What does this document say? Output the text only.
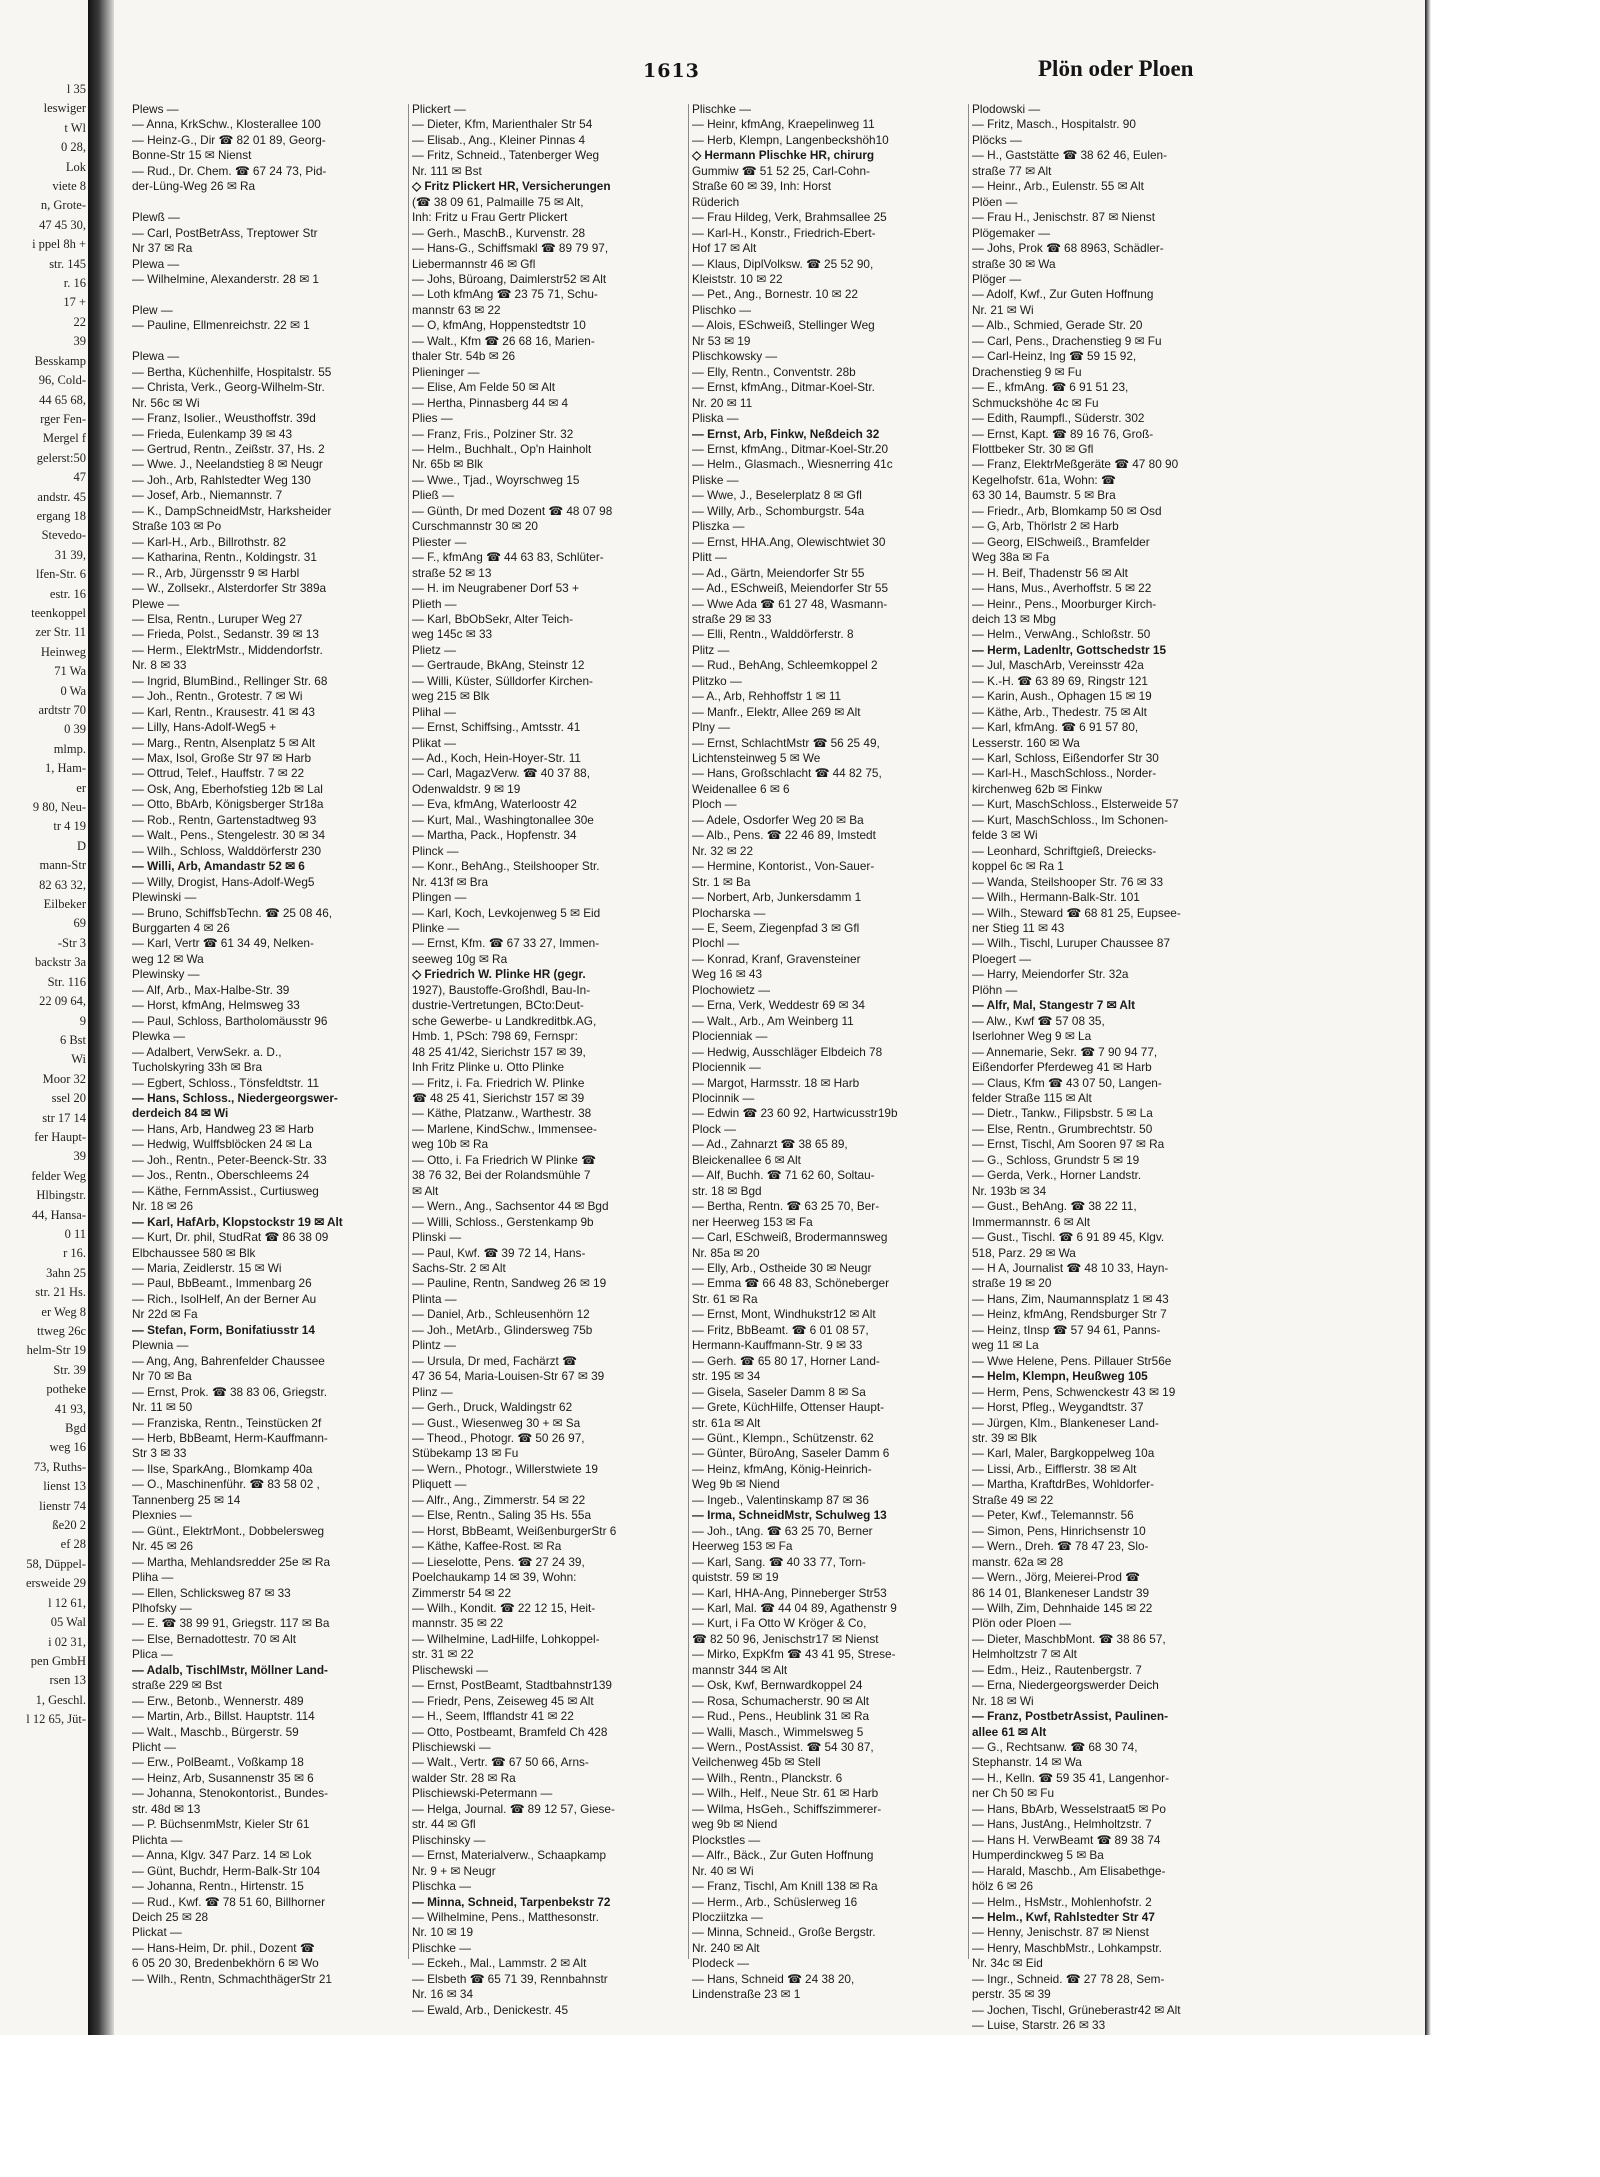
l 35
leswiger
t Wl
0 28,
Lok
viete 8
n, Grote-
47 45 30,
i ppel 8h +
str. 145
r. 16
17 +
22
39
Besskamp
96, Cold-
44 65 68,
rger Fen-
Mergel f
gelerst:50
47
andstr. 45
ergang 18
Stevedo-
31 39,
lfen-Str. 6
estr. 16
teenkoppel
zer Str. 11
Heinweg
71 Wa
0 Wa
ardtstr 70
0 39
mlmp.
1, Ham-
er
9 80, Neu-
tr 4 19
D
mann-Str
82 63 32,
Eilbeker
69
-Str 3
backstr 3a
Str. 116
22 09 64,
9
6 Bst
Wi
Moor 32
ssel 20
str 17 14
fer Haupt-
39
felder Weg
Hlbingstr.
44, Hansa-
0 11
r 16.
3ahn 25
str. 21 Hs.
er Weg 8
ttweg 26c
helm-Str 19
Str. 39
potheke
41 93,
Bgd
weg 16
73, Ruths-
lienst 13
lienstr 74
ße20 2
ef 28
58, Düppel-
ersweide 29
l 12 61,
05 Wal
i 02 31,
pen GmbH
rsen 13
1, Geschl.
l 12 65, Jüt-
1613	Plön oder Ploen
Plews —
— Anna, KrkSchw., Klosterallee 100
— Heinz-G., Dir ☎ 82 01 89, Georg-
Bonne-Str 15 ✉ Nienst
— Rud., Dr. Chem. ☎ 67 24 73, Pid-
der-Lüng-Weg 26 ✉ Ra

Plewß —
— Carl, PostBetrAss, Treptower Str
Nr 37 ✉ Ra
Plewa —
— Wilhelmine, Alexanderstr. 28 ✉ 1

Plew —
— Pauline, Ellmenreichstr. 22 ✉ 1

Plewa —
— Bertha, Küchenhilfe, Hospitalstr. 55
— Christa, Verk., Georg-Wilhelm-Str.
Nr. 56c ✉ Wi
— Franz, Isolier., Weusthoffstr. 39d
— Frieda, Eulenkamp 39 ✉ 43
— Gertrud, Rentn., Zeißstr. 37, Hs. 2
— Wwe. J., Neelandstieg 8 ✉ Neugr
— Joh., Arb, Rahlstedter Weg 130
— Josef, Arb., Niemannstr. 7
— K., DampSchneidMstr, Harksheider
Straße 103 ✉ Po
— Karl-H., Arb., Billrothstr. 82
— Katharina, Rentn., Koldingstr. 31
— R., Arb, Jürgensstr 9 ✉ Harbl
— W., Zollsekr., Alsterdorfer Str 389a
Plewe —
— Elsa, Rentn., Luruper Weg 27
— Frieda, Polst., Sedanstr. 39 ✉ 13
— Herm., ElektrMstr., Middendorfstr.
Nr. 8 ✉ 33
— Ingrid, BlumBind., Rellinger Str. 68
— Joh., Rentn., Grotestr. 7 ✉ Wi
— Karl, Rentn., Krausestr. 41 ✉ 43
— Lilly, Hans-Adolf-Weg5 +
— Marg., Rentn, Alsenplatz 5 ✉ Alt
— Max, Isol, Große Str 97 ✉ Harb
— Ottrud, Telef., Hauffstr. 7 ✉ 22
— Osk, Ang, Eberhofstieg 12b ✉ Lal
— Otto, BbArb, Königsberger Str18a
— Rob., Rentn, Gartenstadtweg 93
— Walt., Pens., Stengelestr. 30 ✉ 34
— Wilh., Schloss, Walddörferstr 230
— Willi, Arb, Amandastr 52 ✉ 6
— Willy, Drogist, Hans-Adolf-Weg5
Plewinski —
— Bruno, SchiffsbTechn. ☎ 25 08 46,
Burggarten 4 ✉ 26
— Karl, Vertr ☎ 61 34 49, Nelken-
weg 12 ✉ Wa
Plewinsky —
— Alf, Arb., Max-Halbe-Str. 39
— Horst, kfmAng, Helmsweg 33
— Paul, Schloss, Bartholomäusstr 96
Plewka —
— Adalbert, VerwSekr. a. D.,
Tucholskyring 33h ✉ Bra
— Egbert, Schloss., Tönsfeldtstr. 11
— Hans, Schloss., Niedergeorgswer-
derdeich 84 ✉ Wi
— Hans, Arb, Handweg 23 ✉ Harb
— Hedwig, Wulffsblöcken 24 ✉ La
— Joh., Rentn., Peter-Beenck-Str. 33
— Jos., Rentn., Oberschleems 24
— Käthe, FernmAssist., Curtiusweg
Nr. 18 ✉ 26
— Karl, HafArb, Klopstockstr 19 ✉ Alt
— Kurt, Dr. phil, StudRat ☎ 86 38 09
Elbchaussee 580 ✉ Blk
— Maria, Zeidlerstr. 15 ✉ Wi
— Paul, BbBeamt., Immenbarg 26
— Rich., IsolHelf, An der Berner Au
Nr 22d ✉ Fa
— Stefan, Form, Bonifatiusstr 14
Plewnia —
— Ang, Ang, Bahrenfelder Chaussee
Nr 70 ✉ Ba
— Ernst, Prok. ☎ 38 83 06, Griegstr.
Nr. 11 ✉ 50
— Franziska, Rentn., Teinstücken 2f
— Herb, BbBeamt, Herm-Kauffmann-
Str 3 ✉ 33
— Ilse, SparkAng., Blomkamp 40a
— O., Maschinenführ. ☎ 83 58 02 ,
Tannenberg 25 ✉ 14
Plexnies —
— Günt., ElektrMont., Dobbelersweg
Nr. 45 ✉ 26
— Martha, Mehlandsredder 25e ✉ Ra
Pliha —
— Ellen, Schlicksweg 87 ✉ 33
Plhofsky —
— E. ☎ 38 99 91, Griegstr. 117 ✉ Ba
— Else, Bernadottestr. 70 ✉ Alt
Plica —
— Adalb, TischlMstr, Möllner Land-
straße 229 ✉ Bst
— Erw., Betonb., Wennerstr. 489
— Martin, Arb., Billst. Hauptstr. 114
— Walt., Maschb., Bürgerstr. 59
Plicht —
— Erw., PolBeamt., Voßkamp 18
— Heinz, Arb, Susannenstr 35 ✉ 6
— Johanna, Stenokontorist., Bundes-
str. 48d ✉ 13
— P. BüchsenmMstr, Kieler Str 61
Plichta —
— Anna, Klgv. 347 Parz. 14 ✉ Lok
— Günt, Buchdr, Herm-Balk-Str 104
— Johanna, Rentn., Hirtenstr. 15
— Rud., Kwf. ☎ 78 51 60, Billhorner
Deich 25 ✉ 28
Plickat —
— Hans-Heim, Dr. phil., Dozent ☎
6 05 20 30, Bredenbekhörn 6 ✉ Wo
— Wilh., Rentn, SchmachthägerStr 21
Plickert —
— Dieter, Kfm, Marienthaler Str 54
— Elisab., Ang., Kleiner Pinnas 4
— Fritz, Schneid., Tatenberger Weg
Nr. 111 ✉ Bst
◇ Fritz Plickert HR, Versicherungen
(☎ 38 09 61, Palmaille 75 ✉ Alt,
Inh: Fritz u Frau Gertr Plickert
— Gerh., MaschB., Kurvenstr. 28
— Hans-G., Schiffsmakl ☎ 89 79 97,
Liebermannstr 46 ✉ Gfl
— Johs, Büroang, Daimlerstr52 ✉ Alt
— Loth kfmAng ☎ 23 75 71, Schu-
mannstr 63 ✉ 22
— O, kfmAng, Hoppenstedtstr 10
— Walt., Kfm ☎ 26 68 16, Marien-
thaler Str. 54b ✉ 26
Plieninger —
— Elise, Am Felde 50 ✉ Alt
— Hertha, Pinnasberg 44 ✉ 4
Plies —
— Franz, Fris., Polziner Str. 32
— Helm., Buchhalt., Op'n Hainholt
Nr. 65b ✉ Blk
— Wwe., Tjad., Woyrschweg 15
Pließ —
— Günth, Dr med Dozent ☎ 48 07 98
Curschmannstr 30 ✉ 20
Pliester —
— F., kfmAng ☎ 44 63 83, Schlüter-
straße 52 ✉ 13
— H. im Neugrabener Dorf 53 +
Plieth —
— Karl, BbObSekr, Alter Teich-
weg 145c ✉ 33
Plietz —
— Gertraude, BkAng, Steinstr 12
— Willi, Küster, Sülldorfer Kirchen-
weg 215 ✉ Blk
Plihal —
— Ernst, Schiffsing., Amtsstr. 41
Plikat —
— Ad., Koch, Hein-Hoyer-Str. 11
— Carl, MagazVerw. ☎ 40 37 88,
Odenwaldstr. 9 ✉ 19
— Eva, kfmAng, Waterloostr 42
— Kurt, Mal., Washingtonallee 30e
— Martha, Pack., Hopfenstr. 34
Plinck —
— Konr., BehAng., Steilshooper Str.
Nr. 413f ✉ Bra
Plingen —
— Karl, Koch, Levkojenweg 5 ✉ Eid
Plinke —
— Ernst, Kfm. ☎ 67 33 27, Immen-
seeweg 10g ✉ Ra
◇ Friedrich W. Plinke HR (gegr.
1927), Baustoffe-Großhdl, Bau-In-
dustrie-Vertretungen, BCto:Deut-
sche Gewerbe- u Landkreditbk.AG,
Hmb. 1, PSch: 798 69, Fernspr:
48 25 41/42, Sierichstr 157 ✉ 39,
Inh Fritz Plinke u. Otto Plinke
— Fritz, i. Fa. Friedrich W. Plinke
☎ 48 25 41, Sierichstr 157 ✉ 39
— Käthe, Platzanw., Warthestr. 38
— Marlene, KindSchw., Immensee-
weg 10b ✉ Ra
— Otto, i. Fa Friedrich W Plinke ☎
38 76 32, Bei der Rolandsmühle 7
✉ Alt
— Wern., Ang., Sachsentor 44 ✉ Bgd
— Willi, Schloss., Gerstenkamp 9b
Plinski —
— Paul, Kwf. ☎ 39 72 14, Hans-
Sachs-Str. 2 ✉ Alt
— Pauline, Rentn, Sandweg 26 ✉ 19
Plinta —
— Daniel, Arb., Schleusenhörn 12
— Joh., MetArb., Glindersweg 75b
Plintz —
— Ursula, Dr med, Fachärzt ☎
47 36 54, Maria-Louisen-Str 67 ✉ 39
Plinz —
— Gerh., Druck, Waldingstr 62
— Gust., Wiesenweg 30 + ✉ Sa
— Theod., Photogr. ☎ 50 26 97,
Stübekamp 13 ✉ Fu
— Wern., Photogr., Willerstwiete 19
Pliquett —
— Alfr., Ang., Zimmerstr. 54 ✉ 22
— Else, Rentn., Saling 35 Hs. 55a
— Horst, BbBeamt, WeißenburgerStr 6
— Käthe, Kaffee-Rost. ✉ Ra
— Lieselotte, Pens. ☎ 27 24 39,
Poelchaukamp 14 ✉ 39, Wohn:
Zimmerstr 54 ✉ 22
— Wilh., Kondit. ☎ 22 12 15, Heit-
mannstr. 35 ✉ 22
— Wilhelmine, LadHilfe, Lohkoppel-
str. 31 ✉ 22
Plischewski —
— Ernst, PostBeamt, Stadtbahnstr139
— Friedr, Pens, Zeiseweg 45 ✉ Alt
— H., Seem, Ifflandstr 41 ✉ 22
— Otto, Postbeamt, Bramfeld Ch 428
Plischiewski —
— Walt., Vertr. ☎ 67 50 66, Arns-
walder Str. 28 ✉ Ra
Plischiewski-Petermann —
— Helga, Journal. ☎ 89 12 57, Giese-
str. 44 ✉ Gfl
Plischinsky —
— Ernst, Materialverw., Schaapkamp
Nr. 9 + ✉ Neugr
Plischka —
— Minna, Schneid, Tarpenbekstr 72
— Wilhelmine, Pens., Matthesonstr.
Nr. 10 ✉ 19
Plischke —
— Eckeh., Mal., Lammstr. 2 ✉ Alt
— Elsbeth ☎ 65 71 39, Rennbahnstr
Nr. 16 ✉ 34
— Ewald, Arb., Denickestr. 45
Plischke —
— Heinr, kfmAng, Kraepelinweg 11
— Herb, Klempn, Langenbeckshöh10
◇ Hermann Plischke HR, chirurg
Gummiw ☎ 51 52 25, Carl-Cohn-
Straße 60 ✉ 39, Inh: Horst
Rüderich
— Frau Hildeg, Verk, Brahmsallee 25
— Karl-H., Konstr., Friedrich-Ebert-
Hof 17 ✉ Alt
— Klaus, DiplVolksw. ☎ 25 52 90,
Kleiststr. 10 ✉ 22
— Pet., Ang., Bornestr. 10 ✉ 22
Plischko —
— Alois, ESchweiß, Stellinger Weg
Nr 53 ✉ 19
Plischkowsky —
— Elly, Rentn., Conventstr. 28b
— Ernst, kfmAng., Ditmar-Koel-Str.
Nr. 20 ✉ 11
Pliska —
— Ernst, Arb, Finkw, Neßdeich 32
— Ernst, kfmAng., Ditmar-Koel-Str.20
— Helm., Glasmach., Wiesnerring 41c
Pliske —
— Wwe, J., Beselerplatz 8 ✉ Gfl
— Willy, Arb., Schomburgstr. 54a
Pliszka —
— Ernst, HHA.Ang, Olewischtwiet 30
Plitt —
— Ad., Gärtn, Meiendorfer Str 55
— Ad., ESchweiß, Meiendorfer Str 55
— Wwe Ada ☎ 61 27 48, Wasmann-
straße 29 ✉ 33
— Elli, Rentn., Walddörferstr. 8
Plitz —
— Rud., BehAng, Schleemkoppel 2
Plitzko —
— A., Arb, Rehhoffstr 1 ✉ 11
— Manfr., Elektr, Allee 269 ✉ Alt
Plny —
— Ernst, SchlachtMstr ☎ 56 25 49,
Lichtensteinweg 5 ✉ We
— Hans, Großschlacht ☎ 44 82 75,
Weidenallee 6 ✉ 6
Ploch —
— Adele, Osdorfer Weg 20 ✉ Ba
— Alb., Pens. ☎ 22 46 89, Imstedt
Nr. 32 ✉ 22
— Hermine, Kontorist., Von-Sauer-
Str. 1 ✉ Ba
— Norbert, Arb, Junkersdamm 1
Plocharska —
— E, Seem, Ziegenpfad 3 ✉ Gfl
Plochl —
— Konrad, Kranf, Gravensteiner
Weg 16 ✉ 43
Plochowietz —
— Erna, Verk, Weddestr 69 ✉ 34
— Walt., Arb., Am Weinberg 11
Plocienniak —
— Hedwig, Ausschläger Elbdeich 78
Plociennik —
— Margot, Harmsstr. 18 ✉ Harb
Plocinnik —
— Edwin ☎ 23 60 92, Hartwicusstr19b
Plock —
— Ad., Zahnarzt ☎ 38 65 89,
Bleickenallee 6 ✉ Alt
— Alf, Buchh. ☎ 71 62 60, Soltau-
str. 18 ✉ Bgd
— Bertha, Rentn. ☎ 63 25 70, Ber-
ner Heerweg 153 ✉ Fa
— Carl, ESchweiß, Brodermannsweg
Nr. 85a ✉ 20
— Elly, Arb., Ostheide 30 ✉ Neugr
— Emma ☎ 66 48 83, Schöneberger
Str. 61 ✉ Ra
— Ernst, Mont, Windhukstr12 ✉ Alt
— Fritz, BbBeamt. ☎ 6 01 08 57,
Hermann-Kauffmann-Str. 9 ✉ 33
— Gerh. ☎ 65 80 17, Horner Land-
str. 195 ✉ 34
— Gisela, Saseler Damm 8 ✉ Sa
— Grete, KüchHilfe, Ottenser Haupt-
str. 61a ✉ Alt
— Günt., Klempn., Schützenstr. 62
— Günter, BüroAng, Saseler Damm 6
— Heinz, kfmAng, König-Heinrich-
Weg 9b ✉ Niend
— Ingeb., Valentinskamp 87 ✉ 36
— Irma, SchneidMstr, Schulweg 13
— Joh., tAng. ☎ 63 25 70, Berner
Heerweg 153 ✉ Fa
— Karl, Sang. ☎ 40 33 77, Torn-
quiststr. 59 ✉ 19
— Karl, HHA-Ang, Pinneberger Str53
— Karl, Mal. ☎ 44 04 89, Agathenstr 9
— Kurt, i Fa Otto W Kröger & Co,
☎ 82 50 96, Jenischstr17 ✉ Nienst
— Mirko, ExpKfm ☎ 43 41 95, Strese-
mannstr 344 ✉ Alt
— Osk, Kwf, Bernwardkoppel 24
— Rosa, Schumacherstr. 90 ✉ Alt
— Rud., Pens., Heublink 31 ✉ Ra
— Walli, Masch., Wimmelsweg 5
— Wern., PostAssist. ☎ 54 30 87,
Veilchenweg 45b ✉ Stell
— Wilh., Rentn., Planckstr. 6
— Wilh., Helf., Neue Str. 61 ✉ Harb
— Wilma, HsGeh., Schiffszimmerer-
weg 9b ✉ Niend
Plockstles —
— Alfr., Bäck., Zur Guten Hoffnung
Nr. 40 ✉ Wi
— Franz, Tischl, Am Knill 138 ✉ Ra
— Herm., Arb., Schüslerweg 16
Plocziitzka —
— Minna, Schneid., Große Bergstr.
Nr. 240 ✉ Alt
Plodeck —
— Hans, Schneid ☎ 24 38 20,
Lindenstraße 23 ✉ 1
Plodowski —
— Fritz, Masch., Hospitalstr. 90
Plöcks —
— H., Gaststätte ☎ 38 62 46, Eulen-
straße 77 ✉ Alt
— Heinr., Arb., Eulenstr. 55 ✉ Alt
Plöen —
— Frau H., Jenischstr. 87 ✉ Nienst
Plögemaker —
— Johs, Prok ☎ 68 8963, Schädler-
straße 30 ✉ Wa
Plöger —
— Adolf, Kwf., Zur Guten Hoffnung
Nr. 21 ✉ Wi
— Alb., Schmied, Gerade Str. 20
— Carl, Pens., Drachenstieg 9 ✉ Fu
— Carl-Heinz, Ing ☎ 59 15 92,
Drachenstieg 9 ✉ Fu
— E., kfmAng. ☎ 6 91 51 23,
Schmuckshöhe 4c ✉ Fu
— Edith, Raumpfl., Süderstr. 302
— Ernst, Kapt. ☎ 89 16 76, Groß-
Flottbeker Str. 30 ✉ Gfl
— Franz, ElektrMeßgeräte ☎ 47 80 90
Kegelhofstr. 61a, Wohn: ☎
63 30 14, Baumstr. 5 ✉ Bra
— Friedr., Arb, Blomkamp 50 ✉ Osd
— G, Arb, Thörlstr 2 ✉ Harb
— Georg, ElSchweiß., Bramfelder
Weg 38a ✉ Fa
— H. Beif, Thadenstr 56 ✉ Alt
— Hans, Mus., Averhoffstr. 5 ✉ 22
— Heinr., Pens., Moorburger Kirch-
deich 13 ✉ Mbg
— Helm., VerwAng., Schloßstr. 50
— Herm, Ladenltr, Gottschedstr 15
— Jul, MaschArb, Vereinsstr 42a
— K.-H. ☎ 63 89 69, Ringstr 121
— Karin, Aush., Ophagen 15 ✉ 19
— Käthe, Arb., Thedestr. 75 ✉ Alt
— Karl, kfmAng. ☎ 6 91 57 80,
Lesserstr. 160 ✉ Wa
— Karl, Schloss, Eißendorfer Str 30
— Karl-H., MaschSchloss., Norder-
kirchenweg 62b ✉ Finkw
— Kurt, MaschSchloss., Elsterweide 57
— Kurt, MaschSchloss., Im Schonen-
felde 3 ✉ Wi
— Leonhard, Schriftgieß, Dreiecks-
koppel 6c ✉ Ra 1
— Wanda, Steilshooper Str. 76 ✉ 33
— Wilh., Hermann-Balk-Str. 101
— Wilh., Steward ☎ 68 81 25, Eupsee-
ner Stieg 11 ✉ 43
— Wilh., Tischl, Luruper Chaussee 87
Ploegert —
— Harry, Meiendorfer Str. 32a
Plöhn —
— Alfr, Mal, Stangestr 7 ✉ Alt
— Alw., Kwf ☎ 57 08 35,
Iserlohner Weg 9 ✉ La
— Annemarie, Sekr. ☎ 7 90 94 77,
Eißendorfer Pferdeweg 41 ✉ Harb
— Claus, Kfm ☎ 43 07 50, Langen-
felder Straße 115 ✉ Alt
— Dietr., Tankw., Filipsbstr. 5 ✉ La
— Else, Rentn., Grumbrechtstr. 50
— Ernst, Tischl, Am Sooren 97 ✉ Ra
— G., Schloss, Grundstr 5 ✉ 19
— Gerda, Verk., Horner Landstr.
Nr. 193b ✉ 34
— Gust., BehAng. ☎ 38 22 11,
Immermannstr. 6 ✉ Alt
— Gust., Tischl. ☎ 6 91 89 45, Klgv.
518, Parz. 29 ✉ Wa
— H A, Journalist ☎ 48 10 33, Hayn-
straße 19 ✉ 20
— Hans, Zim, Naumannsplatz 1 ✉ 43
— Heinz, kfmAng, Rendsburger Str 7
— Heinz, tInsp ☎ 57 94 61, Panns-
weg 11 ✉ La
— Wwe Helene, Pens. Pillauer Str56e
— Helm, Klempn, Heußweg 105
— Herm, Pens, Schwenckestr 43 ✉ 19
— Horst, Pfleg., Weygandtstr. 37
— Jürgen, Klm., Blankeneser Land-
str. 39 ✉ Blk
— Karl, Maler, Bargkoppelweg 10a
— Lissi, Arb., Eifflerstr. 38 ✉ Alt
— Martha, KraftdrBes, Wohldorfer-
Straße 49 ✉ 22
— Peter, Kwf., Telemannstr. 56
— Simon, Pens, Hinrichsenstr 10
— Wern., Dreh. ☎ 78 47 23, Slo-
manstr. 62a ✉ 28
— Wern., Jörg, Meierei-Prod ☎
86 14 01, Blankeneser Landstr 39
— Wilh, Zim, Dehnhaide 145 ✉ 22
Plön oder Ploen —
— Dieter, MaschbMont. ☎ 38 86 57,
Helmholtzstr 7 ✉ Alt
— Edm., Heiz., Rautenbergstr. 7
— Erna, Niedergeorgswerder Deich
Nr. 18 ✉ Wi
— Franz, PostbetrAssist, Paulinen-
allee 61 ✉ Alt
— G., Rechtsanw. ☎ 68 30 74,
Stephanstr. 14 ✉ Wa
— H., Kelln. ☎ 59 35 41, Langenhor-
ner Ch 50 ✉ Fu
— Hans, BbArb, Wesselstraat5 ✉ Po
— Hans, JustAng., Helmholtzstr. 7
— Hans H. VerwBeamt ☎ 89 38 74
Humperdinckweg 5 ✉ Ba
— Harald, Maschb., Am Elisabethge-
hölz 6 ✉ 26
— Helm., HsMstr., Mohlenhofstr. 2
— Helm., Kwf, Rahlstedter Str 47
— Henny, Jenischstr. 87 ✉ Nienst
— Henry, MaschbMstr., Lohkampstr.
Nr. 34c ✉ Eid
— Ingr., Schneid. ☎ 27 78 28, Sem-
perstr. 35 ✉ 39
— Jochen, Tischl, Grüneberastr42 ✉ Alt
— Luise, Starstr. 26 ✉ 33
